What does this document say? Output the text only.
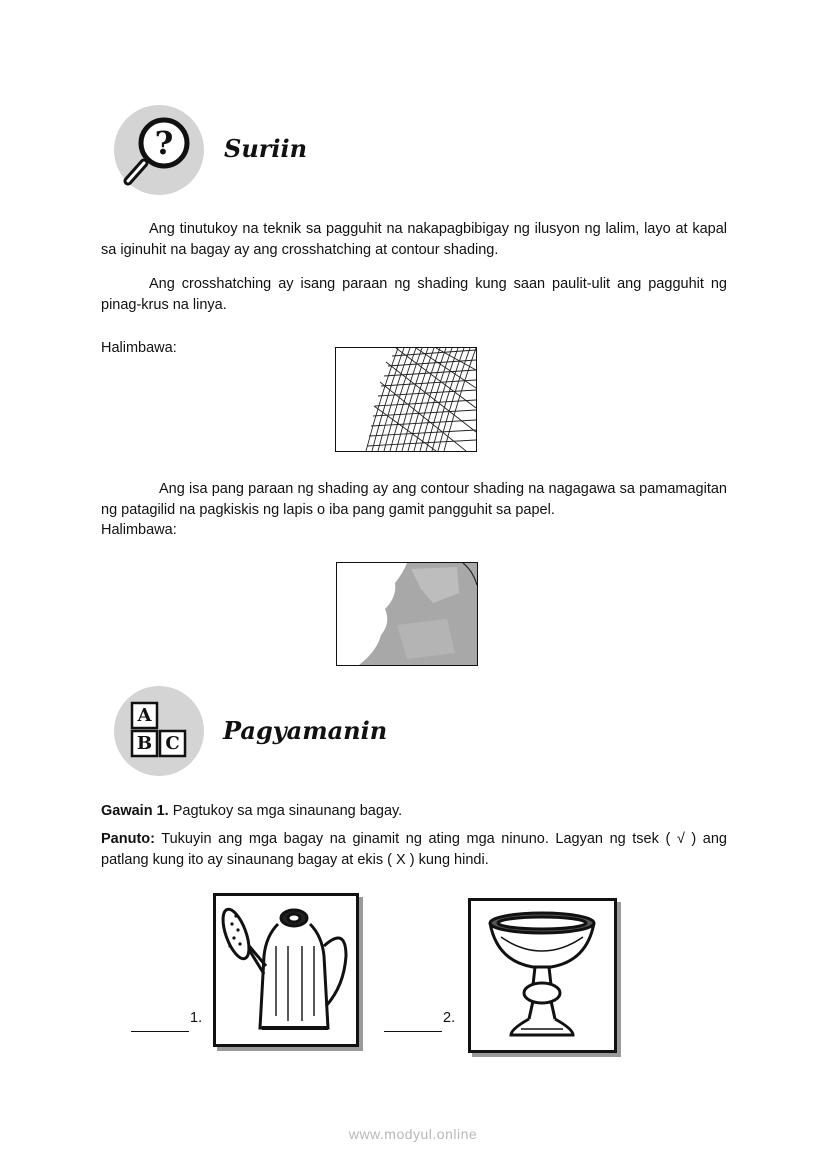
? Suriin
Ang tinutukoy na teknik sa pagguhit na nakapagbibigay ng ilusyon ng lalim, layo at kapal sa iginuhit na bagay ay ang crosshatching at contour shading.
Ang crosshatching ay isang paraan ng shading kung saan paulit-ulit ang pagguhit ng pinag-krus na linya.
Halimbawa:
Ang isa pang paraan ng shading ay ang contour shading na nagagawa sa pamamagitan ng patagilid na pagkiskis ng lapis o iba pang gamit pangguhit sa papel.
Halimbawa:
A
B C Pagyamanin
Gawain 1. Pagtukoy sa mga sinaunang bagay.
Panuto: Tukuyin ang mga bagay na ginamit ng ating mga ninuno. Lagyan ng tsek ( √ ) ang patlang kung ito ay sinaunang bagay at ekis ( X ) kung hindi.
1.	2.
www.modyul.online
